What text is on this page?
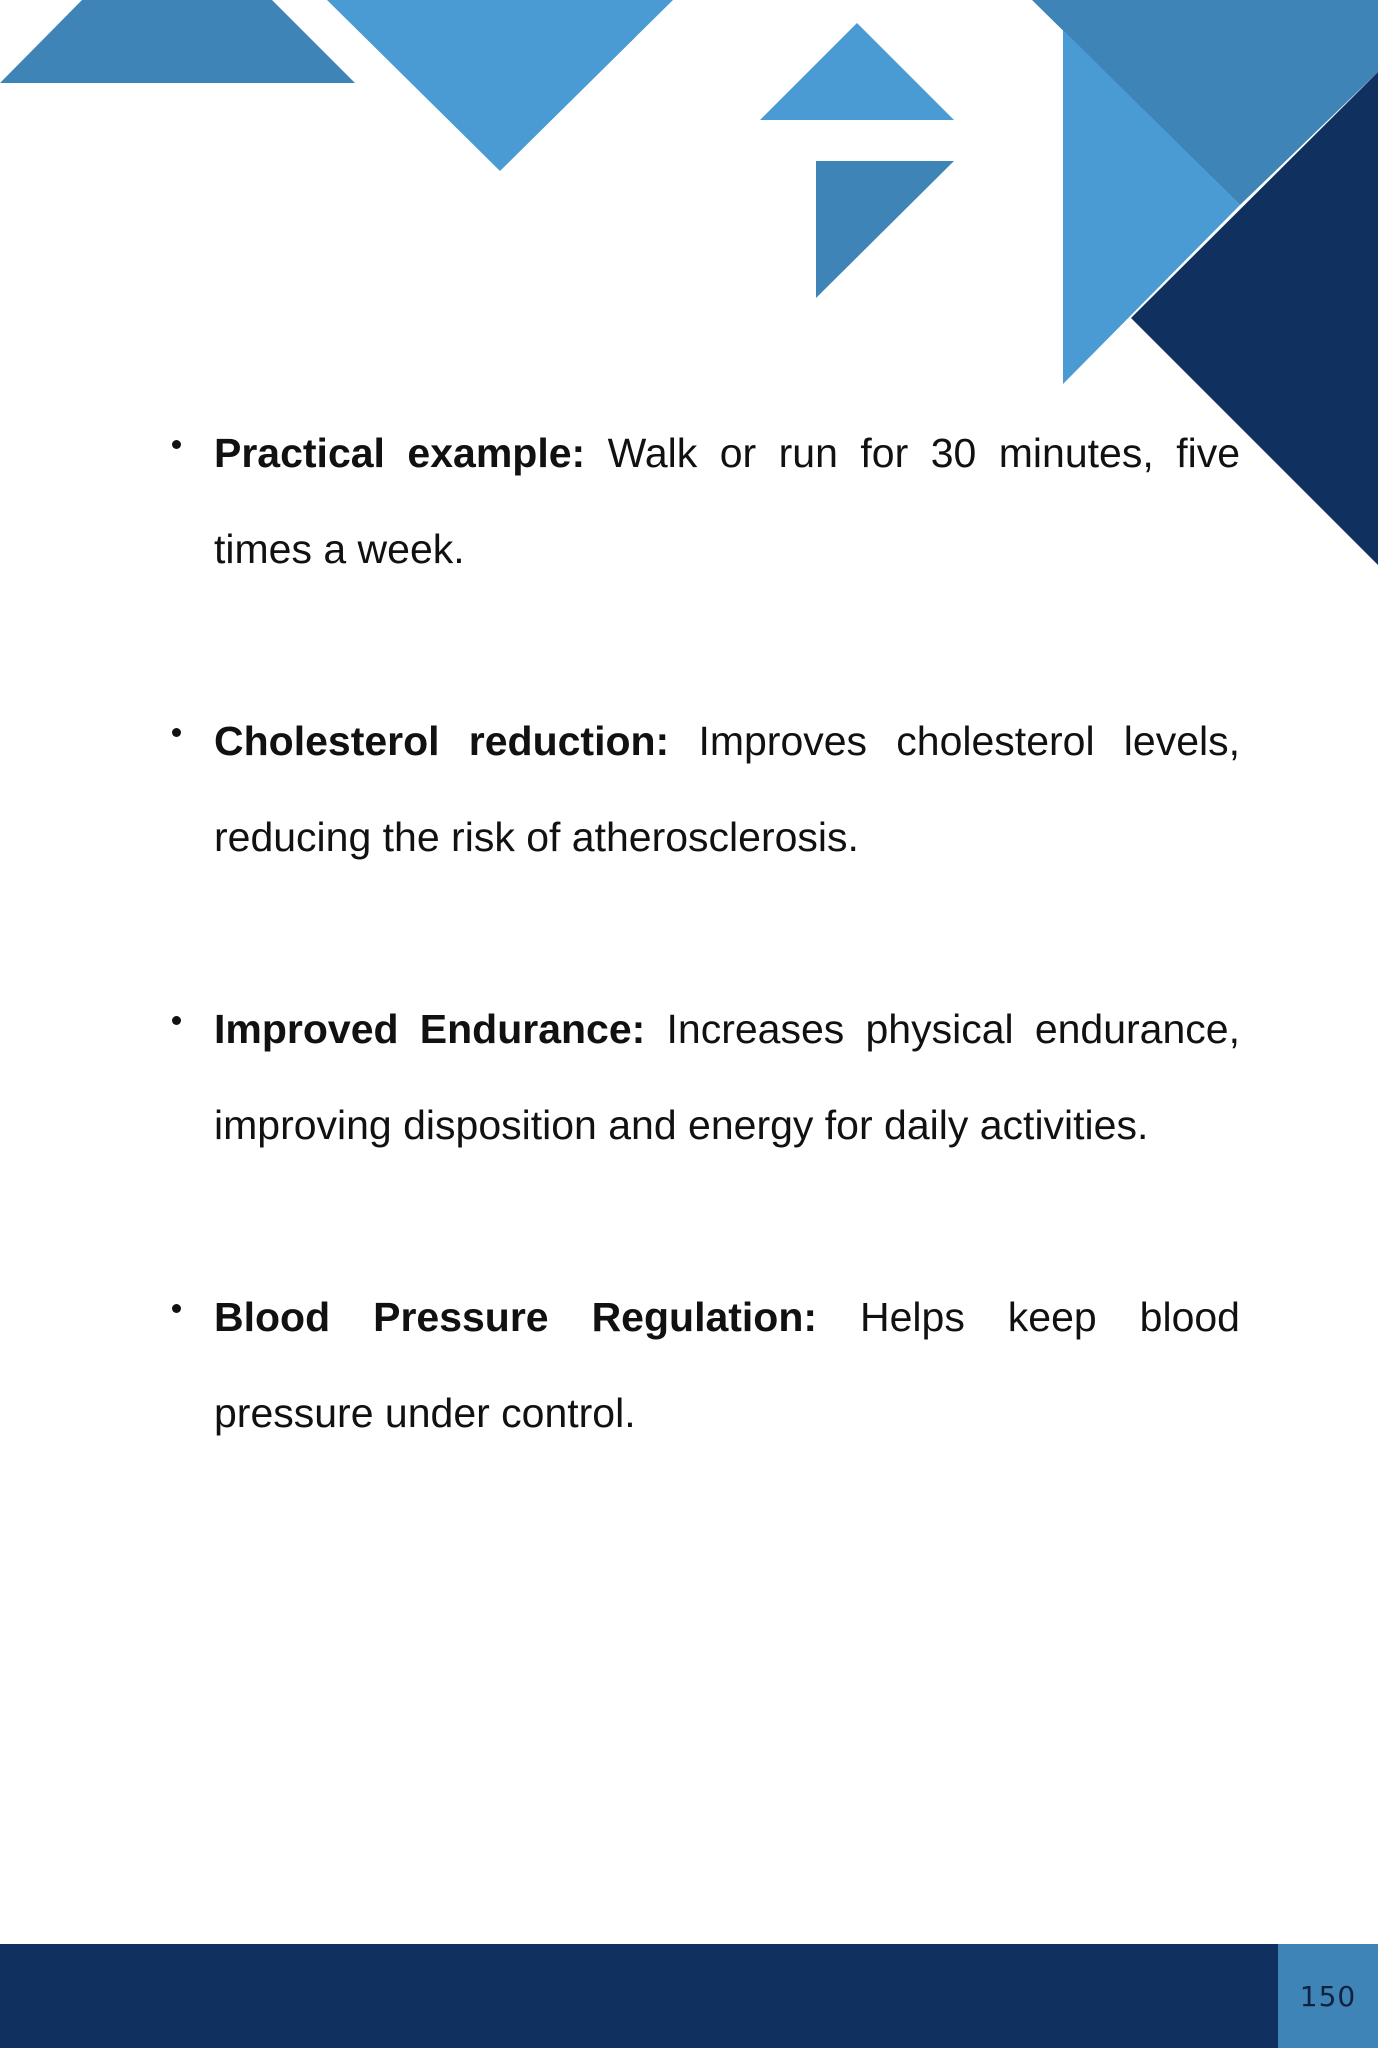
Practical example: Walk or run for 30 minutes, five times a week.

Cholesterol reduction: Improves cholesterol levels, reducing the risk of atherosclerosis.

Improved Endurance: Increases physical endurance, improving disposition and energy for daily activities.

Blood Pressure Regulation: Helps keep blood pressure under control.

150
